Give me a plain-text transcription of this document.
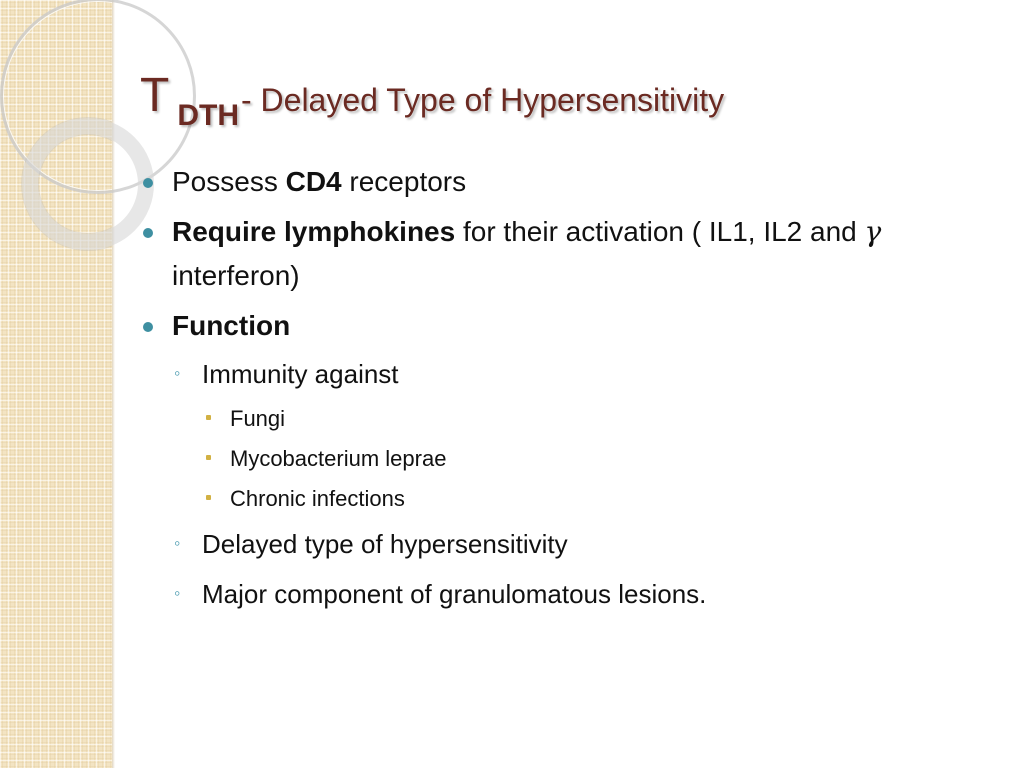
TDTH- Delayed Type of Hypersensitivity
Possess CD4 receptors
Require lymphokines for their activation ( IL1, IL2 and γ interferon)
Function
◦ Immunity against
Fungi
Mycobacterium leprae
Chronic infections
◦ Delayed type of hypersensitivity
◦ Major component of granulomatous lesions.
